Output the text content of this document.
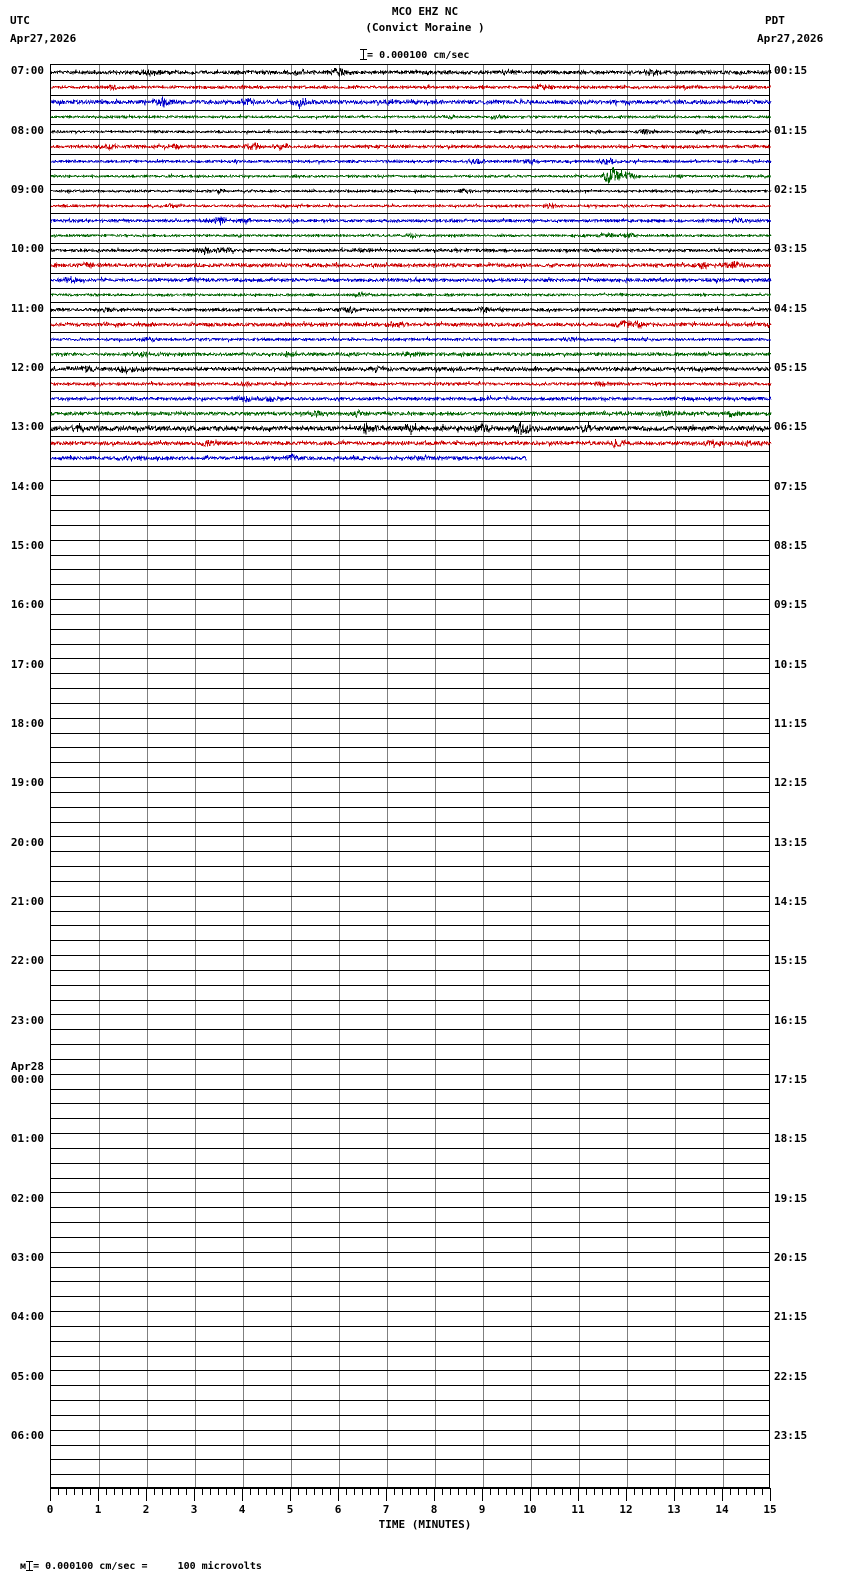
UTC
Apr27,2026
PDT
Apr27,2026
MCO EHZ NC
(Convict Moraine )

= 0.000100 cm/sec

07:00
08:00
09:00
10:00
11:00
12:00
13:00
14:00
15:00
16:00
17:00
18:00
19:00
20:00
21:00
22:00
23:00
Apr28
00:00
01:00
02:00
03:00
04:00
05:00
06:00
00:15
01:15
02:15
03:15
04:15
05:15
06:15
07:15
08:15
09:15
10:15
11:15
12:15
13:15
14:15
15:15
16:15
17:15
18:15
19:15
20:15
21:15
22:15
23:15
0	1	2	3	4	5	6	7	8	9	10	11	12	13	14	15
TIME (MINUTES)

м = 0.000100 cm/sec =     100 microvolts
